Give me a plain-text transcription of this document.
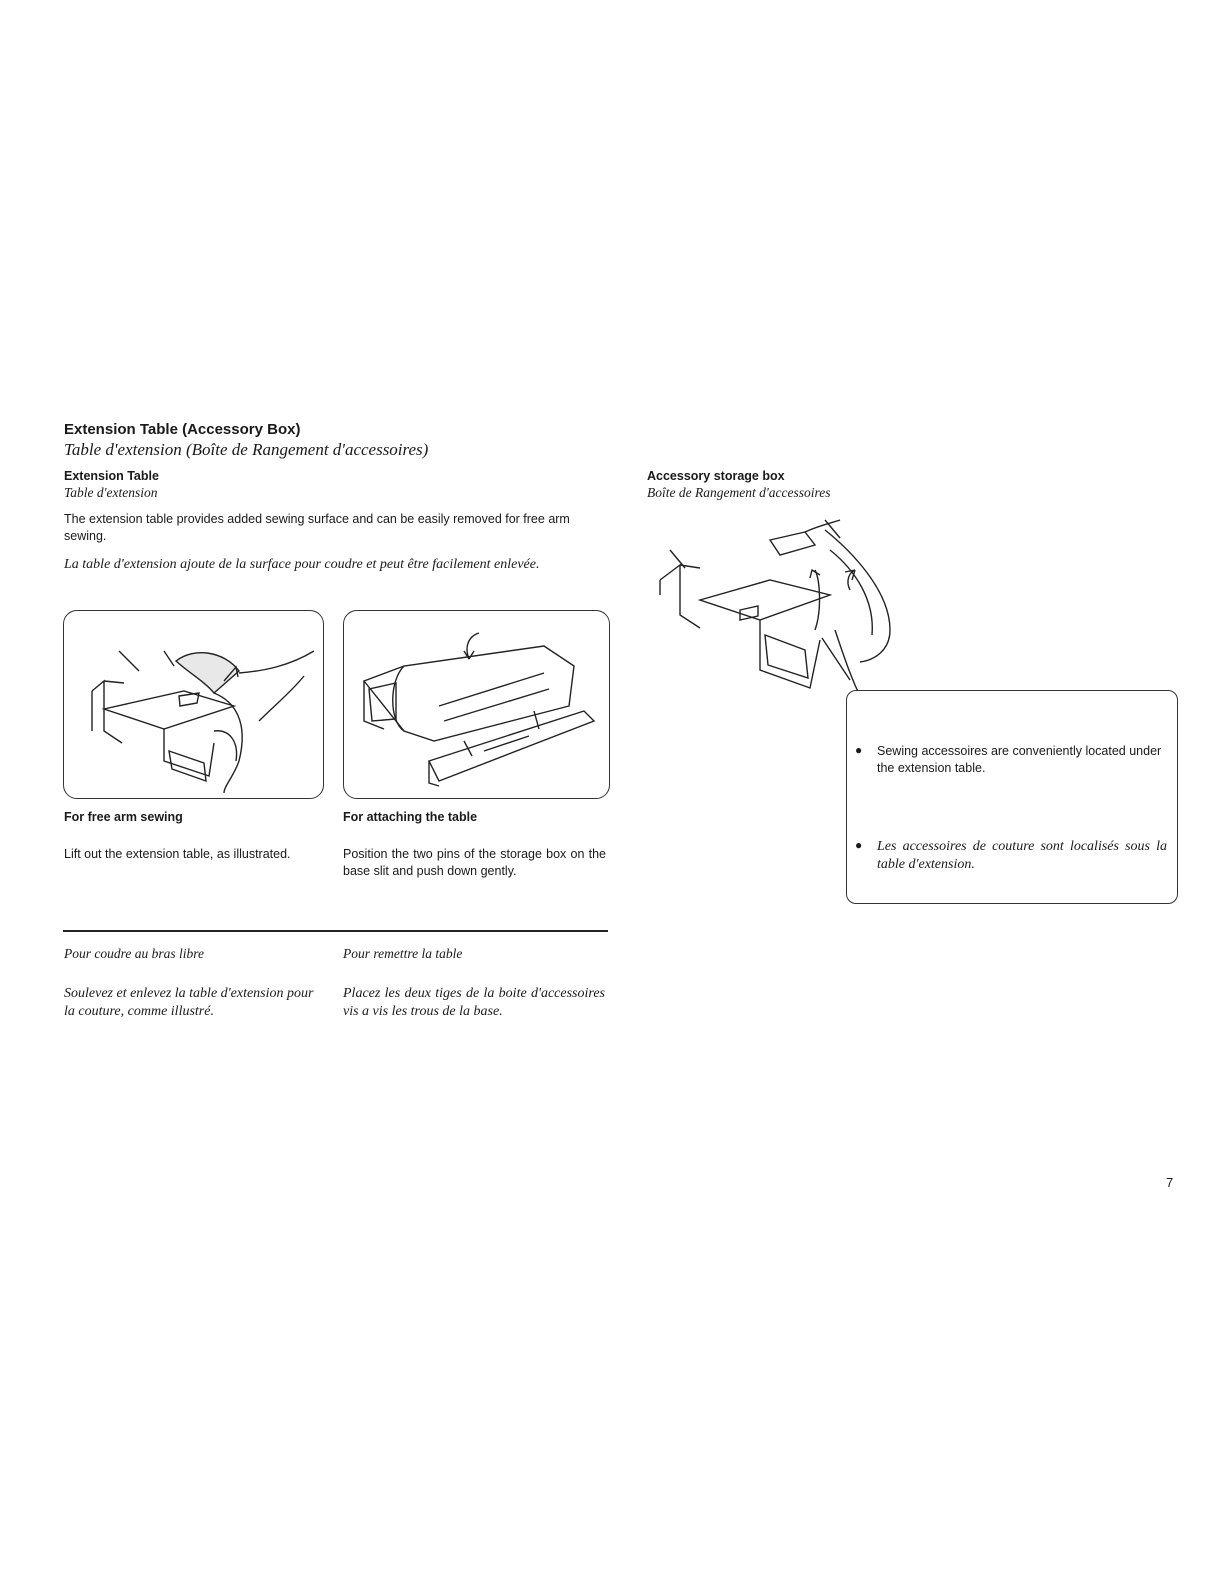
Extension Table (Accessory Box)
Table d'extension (Boîte de Rangement d'accessoires)
Extension Table
Table d'extension
The extension table provides added sewing surface and can be easily removed for free arm sewing.
La table d'extension ajoute de la surface pour coudre et peut être facilement enlevée.
For free arm sewing	For attaching the table
Lift out the extension table, as illustrated.	Position the two pins of the storage box on the base slit and push down gently.
Pour coudre au bras libre	Pour remettre la table
Soulevez et enlevez la table d'extension pour la couture, comme illustré.
Placez les deux tiges de la boite d'accessoires vis a vis les trous de la base.
Accessory storage box
Boîte de Rangement d'accessoires
●	Sewing accessoires are conveniently located under the extension table.
●	Les accessoires de couture sont localisés sous la table d'extension.
7
